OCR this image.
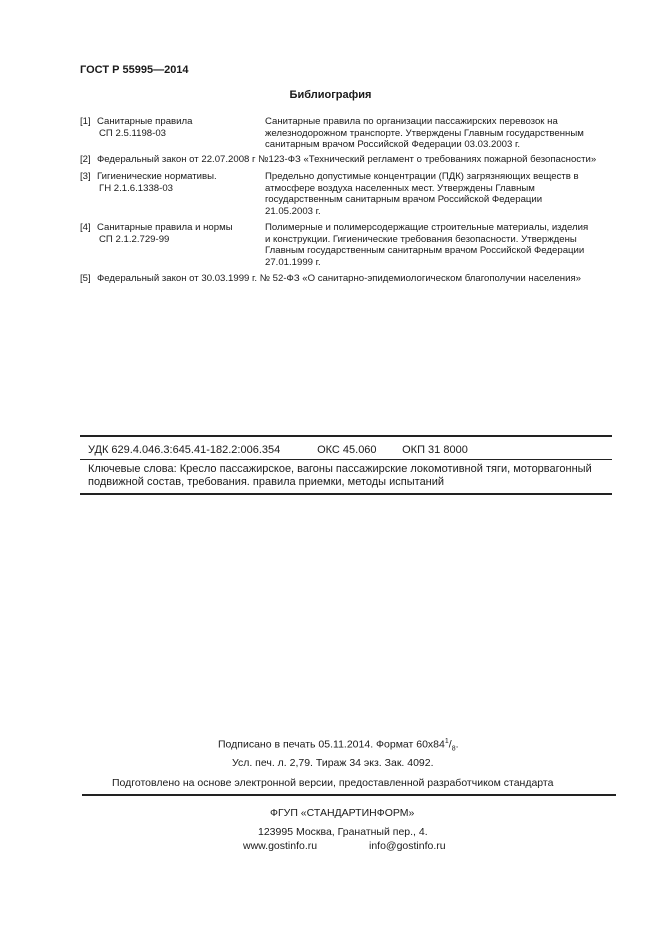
ГОСТ Р 55995—2014
Библиография
[1] Санитарные правила
СП 2.5.1198-03
Санитарные правила по организации пассажирских перевозок на
железнодорожном транспорте. Утверждены Главным государственным
санитарным врачом Российской Федерации 03.03.2003 г.
[2] Федеральный закон от 22.07.2008 г №123-ФЗ «Технический регламент о требованиях пожарной безопасности»
[3] Гигиенические нормативы.
ГН 2.1.6.1338-03
Предельно допустимые концентрации (ПДК) загрязняющих веществ в
атмосфере воздуха населенных мест. Утверждены Главным
государственным санитарным врачом Российской Федерации
21.05.2003 г.
[4] Санитарные правила и нормы
СП 2.1.2.729-99
Полимерные и полимерсодержащие строительные материалы, изделия
и конструкции. Гигиенические требования безопасности. Утверждены
Главным государственным санитарным врачом Российской Федерации
27.01.1999 г.
[5] Федеральный закон от 30.03.1999 г. № 52-ФЗ «О санитарно-эпидемиологическом благополучии населения»
УДК 629.4.046.3:645.41-182.2:006.354	ОКС 45.060 ОКП 31 8000
Ключевые слова: Кресло пассажирское, вагоны пассажирские локомотивной тяги, моторвагонный подвижной состав, требования. правила приемки, методы испытаний
Подписано в печать 05.11.2014. Формат $60х84^1/_8$.
Усл. печ. л. 2,79. Тираж 34 экз. Зак. 4092.
Подготовлено на основе электронной версии, предоставленной разработчиком стандарта
ФГУП «СТАНДАРТИНФОРМ»
123995 Москва, Гранатный пер., 4.
www.gostinfo.ru	info@gostinfo.ru
